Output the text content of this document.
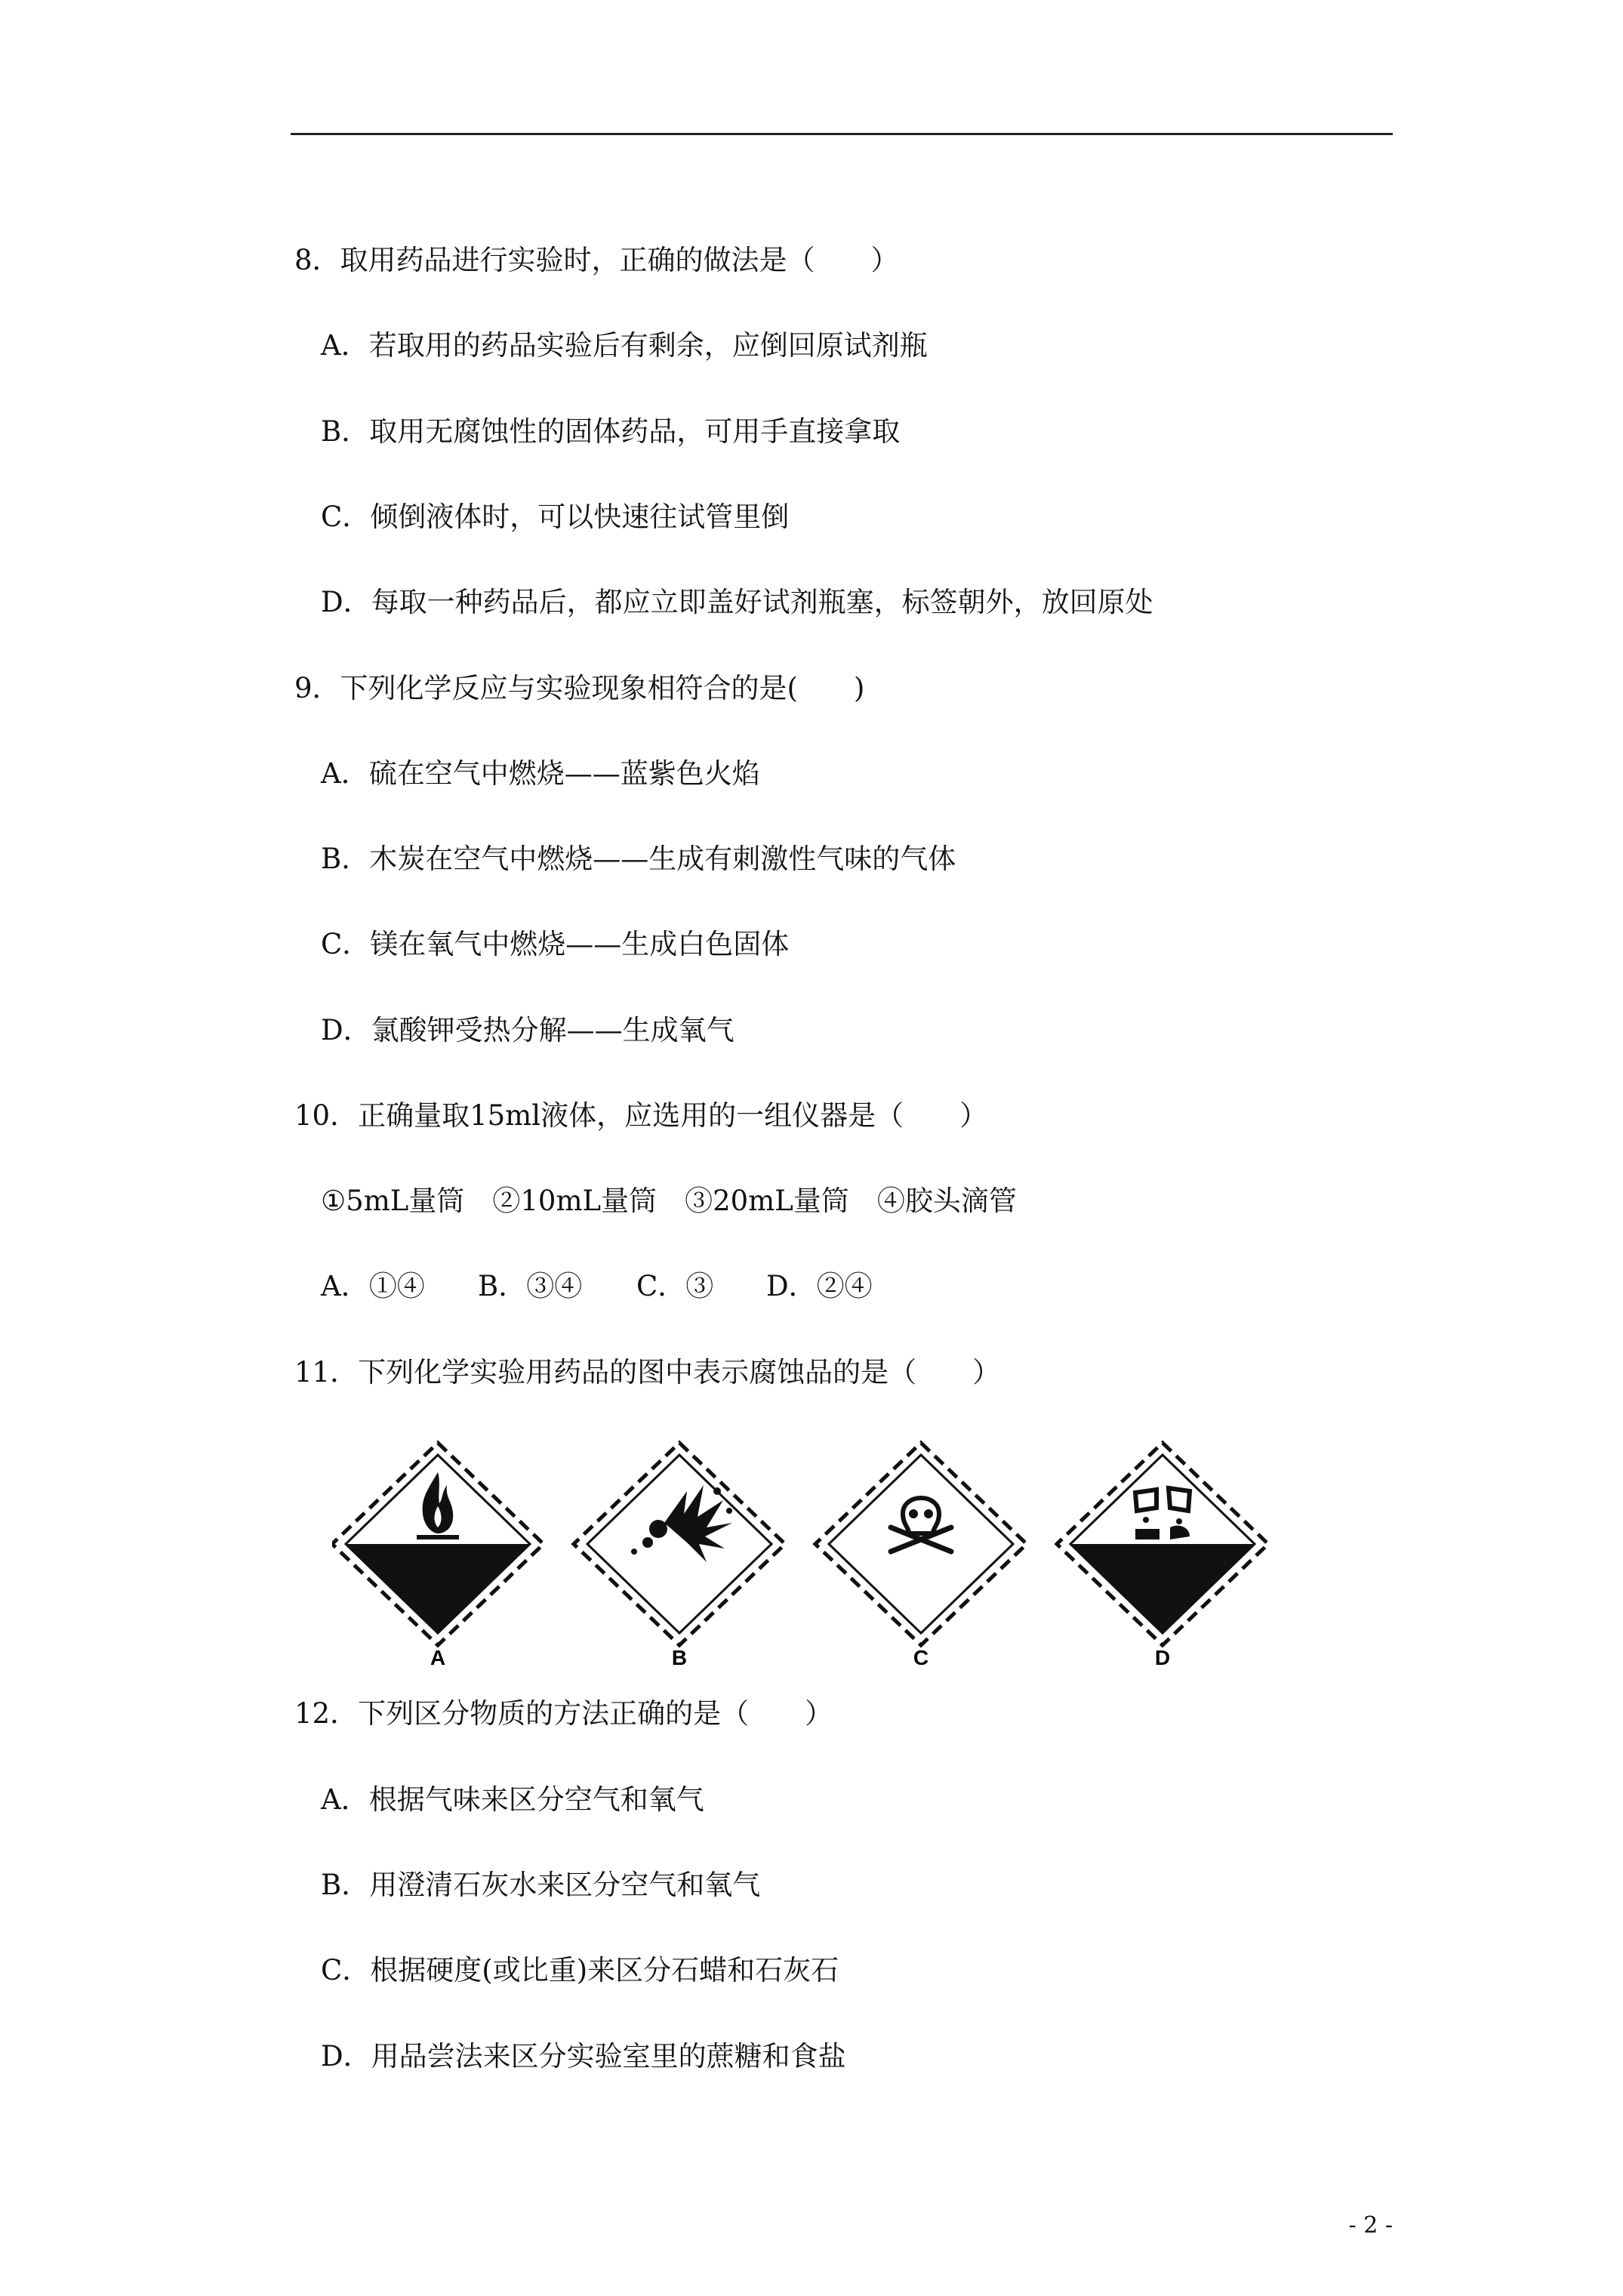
8．取用药品进行实验时，正确的做法是（　　）
A．若取用的药品实验后有剩余，应倒回原试剂瓶
B．取用无腐蚀性的固体药品，可用手直接拿取
C．倾倒液体时，可以快速往试管里倒
D．每取一种药品后，都应立即盖好试剂瓶塞，标签朝外，放回原处
9．下列化学反应与实验现象相符合的是(　　)
A．硫在空气中燃烧——蓝紫色火焰
B．木炭在空气中燃烧——生成有刺激性气味的气体
C．镁在氧气中燃烧——生成白色固体
D．氯酸钾受热分解——生成氧气
10．正确量取15ml液体，应选用的一组仪器是（　　）
①5mL量筒　②10mL量筒　③20mL量筒　④胶头滴管
A．①④ B．③④ C．③ D．②④
11．下列化学实验用药品的图中表示腐蚀品的是（　　）
A	B	C	D
12．下列区分物质的方法正确的是（　　）
A．根据气味来区分空气和氧气
B．用澄清石灰水来区分空气和氧气
C．根据硬度(或比重)来区分石蜡和石灰石
D．用品尝法来区分实验室里的蔗糖和食盐
- 2 -
